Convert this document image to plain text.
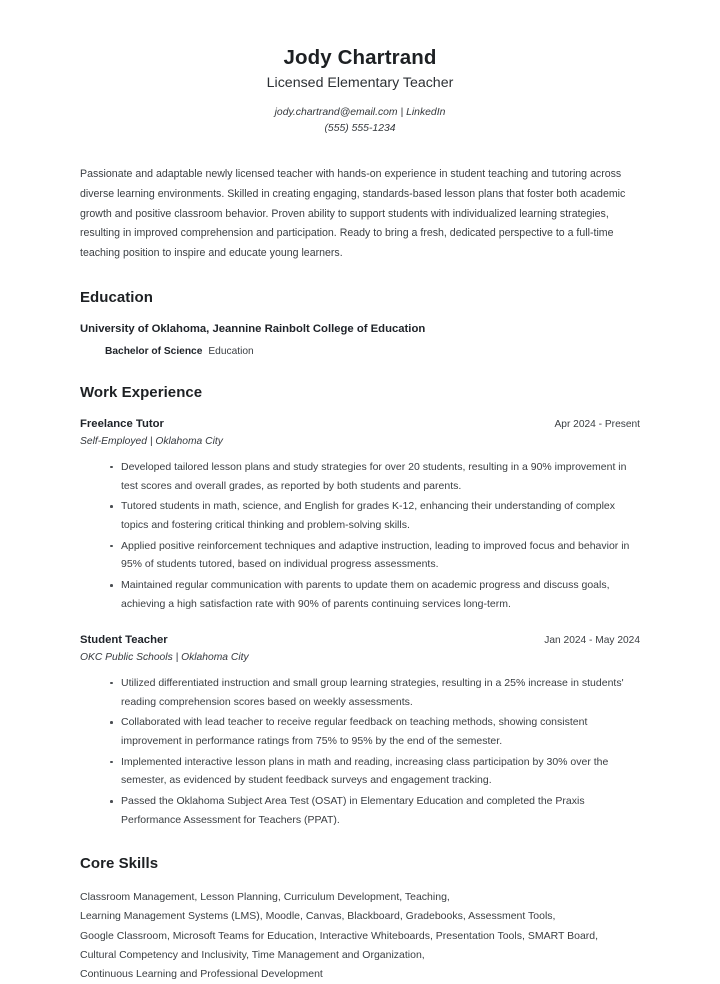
Jody Chartrand
Licensed Elementary Teacher
jody.chartrand@email.com | LinkedIn
(555) 555-1234
Passionate and adaptable newly licensed teacher with hands-on experience in student teaching and tutoring across diverse learning environments. Skilled in creating engaging, standards-based lesson plans that foster both academic growth and positive classroom behavior. Proven ability to support students with individualized learning strategies, resulting in improved comprehension and participation. Ready to bring a fresh, dedicated perspective to a full-time teaching position to inspire and educate young learners.
Education
University of Oklahoma, Jeannine Rainbolt College of Education
Bachelor of Science Education
Work Experience
Freelance Tutor	Apr 2024 - Present
Self-Employed | Oklahoma City
Developed tailored lesson plans and study strategies for over 20 students, resulting in a 90% improvement in test scores and overall grades, as reported by both students and parents.
Tutored students in math, science, and English for grades K-12, enhancing their understanding of complex topics and fostering critical thinking and problem-solving skills.
Applied positive reinforcement techniques and adaptive instruction, leading to improved focus and behavior in 95% of students tutored, based on individual progress assessments.
Maintained regular communication with parents to update them on academic progress and discuss goals, achieving a high satisfaction rate with 90% of parents continuing services long-term.
Student Teacher	Jan 2024 - May 2024
OKC Public Schools | Oklahoma City
Utilized differentiated instruction and small group learning strategies, resulting in a 25% increase in students' reading comprehension scores based on weekly assessments.
Collaborated with lead teacher to receive regular feedback on teaching methods, showing consistent improvement in performance ratings from 75% to 95% by the end of the semester.
Implemented interactive lesson plans in math and reading, increasing class participation by 30% over the semester, as evidenced by student feedback surveys and engagement tracking.
Passed the Oklahoma Subject Area Test (OSAT) in Elementary Education and completed the Praxis Performance Assessment for Teachers (PPAT).
Core Skills
Classroom Management, Lesson Planning, Curriculum Development, Teaching,
Learning Management Systems (LMS), Moodle, Canvas, Blackboard, Gradebooks, Assessment Tools,
Google Classroom, Microsoft Teams for Education, Interactive Whiteboards, Presentation Tools, SMART Board,
Cultural Competency and Inclusivity, Time Management and Organization,
Continuous Learning and Professional Development
